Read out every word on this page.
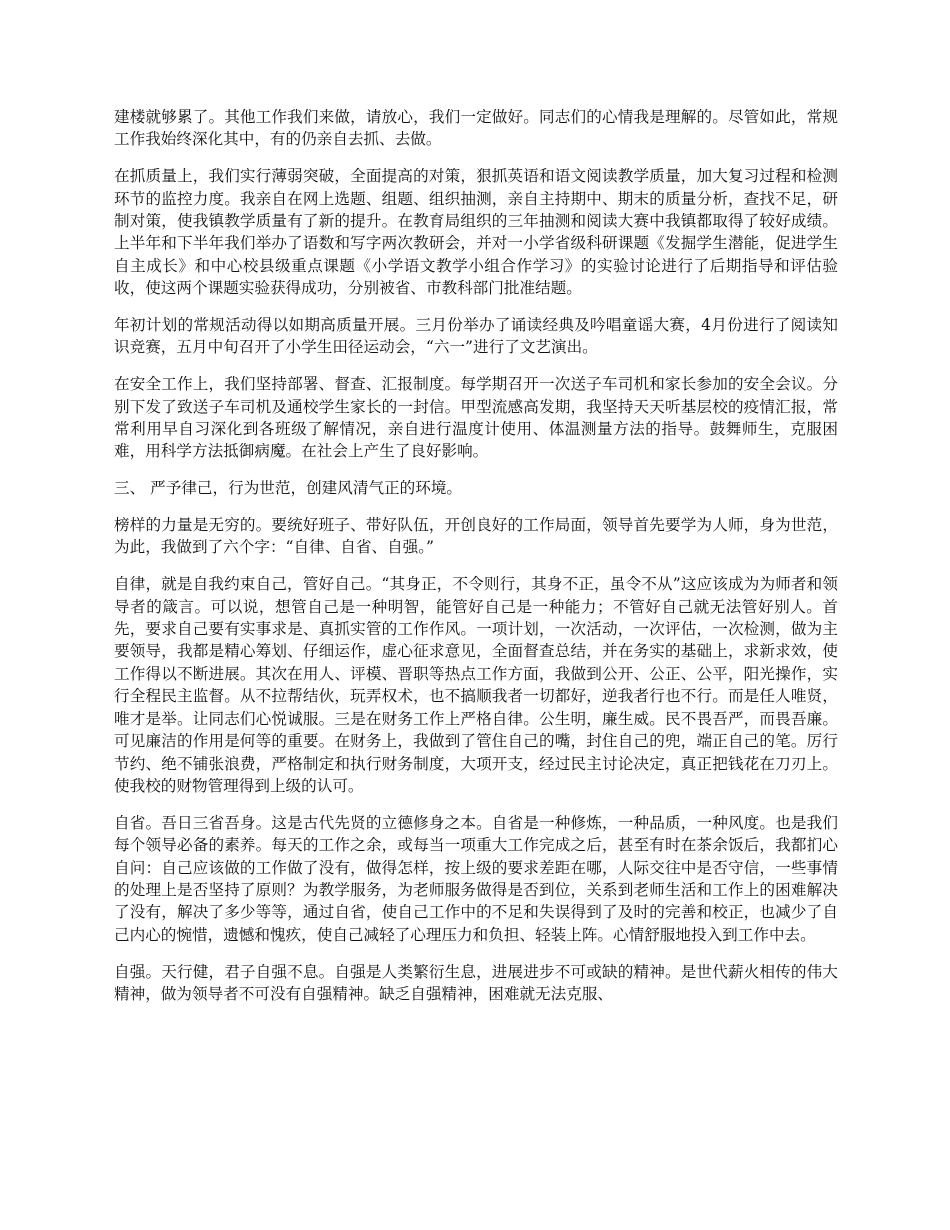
建楼就够累了。其他工作我们来做，请放心，我们一定做好。同志们的心情我是理解的。尽管如此，常规工作我始终深化其中，有的仍亲自去抓、去做。

在抓质量上，我们实行薄弱突破，全面提高的对策，狠抓英语和语文阅读教学质量，加大复习过程和检测环节的监控力度。我亲自在网上选题、组题、组织抽测，亲自主持期中、期末的质量分析，查找不足，研制对策，使我镇教学质量有了新的提升。在教育局组织的三年抽测和阅读大赛中我镇都取得了较好成绩。上半年和下半年我们举办了语数和写字两次教研会，并对一小学省级科研课题《发掘学生潜能，促进学生自主成长》和中心校县级重点课题《小学语文教学小组合作学习》的实验讨论进行了后期指导和评估验收，使这两个课题实验获得成功，分别被省、市教科部门批准结题。

年初计划的常规活动得以如期高质量开展。三月份举办了诵读经典及吟唱童谣大赛，4月份进行了阅读知识竞赛，五月中旬召开了小学生田径运动会，“六一”进行了文艺演出。

在安全工作上，我们坚持部署、督查、汇报制度。每学期召开一次送子车司机和家长参加的安全会议。分别下发了致送子车司机及通校学生家长的一封信。甲型流感高发期，我坚持天天听基层校的疫情汇报，常常利用早自习深化到各班级了解情况，亲自进行温度计使用、体温测量方法的指导。鼓舞师生，克服困难，用科学方法抵御病魔。在社会上产生了良好影响。

三、 严予律己，行为世范，创建风清气正的环境。

榜样的力量是无穷的。要统好班子、带好队伍，开创良好的工作局面，领导首先要学为人师，身为世范，为此，我做到了六个字：“自律、自省、自强。”

自律，就是自我约束自己，管好自己。“其身正，不令则行，其身不正，虽令不从”这应该成为为师者和领导者的箴言。可以说，想管自己是一种明智，能管好自己是一种能力；不管好自己就无法管好别人。首先，要求自己要有实事求是、真抓实管的工作作风。一项计划，一次活动，一次评估，一次检测，做为主要领导，我都是精心筹划、仔细运作，虚心征求意见，全面督查总结，并在务实的基础上，求新求效，使工作得以不断进展。其次在用人、评模、晋职等热点工作方面，我做到公开、公正、公平，阳光操作，实行全程民主监督。从不拉帮结伙，玩弄权术，也不搞顺我者一切都好，逆我者行也不行。而是任人唯贤，唯才是举。让同志们心悦诚服。三是在财务工作上严格自律。公生明，廉生威。民不畏吾严，而畏吾廉。可见廉洁的作用是何等的重要。在财务上，我做到了管住自己的嘴，封住自己的兜，端正自己的笔。厉行节约、绝不铺张浪费，严格制定和执行财务制度，大项开支，经过民主讨论决定，真正把钱花在刀刃上。使我校的财物管理得到上级的认可。

自省。吾日三省吾身。这是古代先贤的立德修身之本。自省是一种修炼，一种品质，一种风度。也是我们每个领导必备的素养。每天的工作之余，或每当一项重大工作完成之后，甚至有时在茶余饭后，我都扪心自问：自己应该做的工作做了没有，做得怎样，按上级的要求差距在哪，人际交往中是否守信，一些事情的处理上是否坚持了原则？为教学服务，为老师服务做得是否到位，关系到老师生活和工作上的困难解决了没有，解决了多少等等，通过自省，使自己工作中的不足和失误得到了及时的完善和校正，也减少了自己内心的惋惜，遗憾和愧疚，使自己减轻了心理压力和负担、轻装上阵。心情舒服地投入到工作中去。

自强。天行健，君子自强不息。自强是人类繁衍生息，进展进步不可或缺的精神。是世代薪火相传的伟大精神，做为领导者不可没有自强精神。缺乏自强精神，困难就无法克服、
